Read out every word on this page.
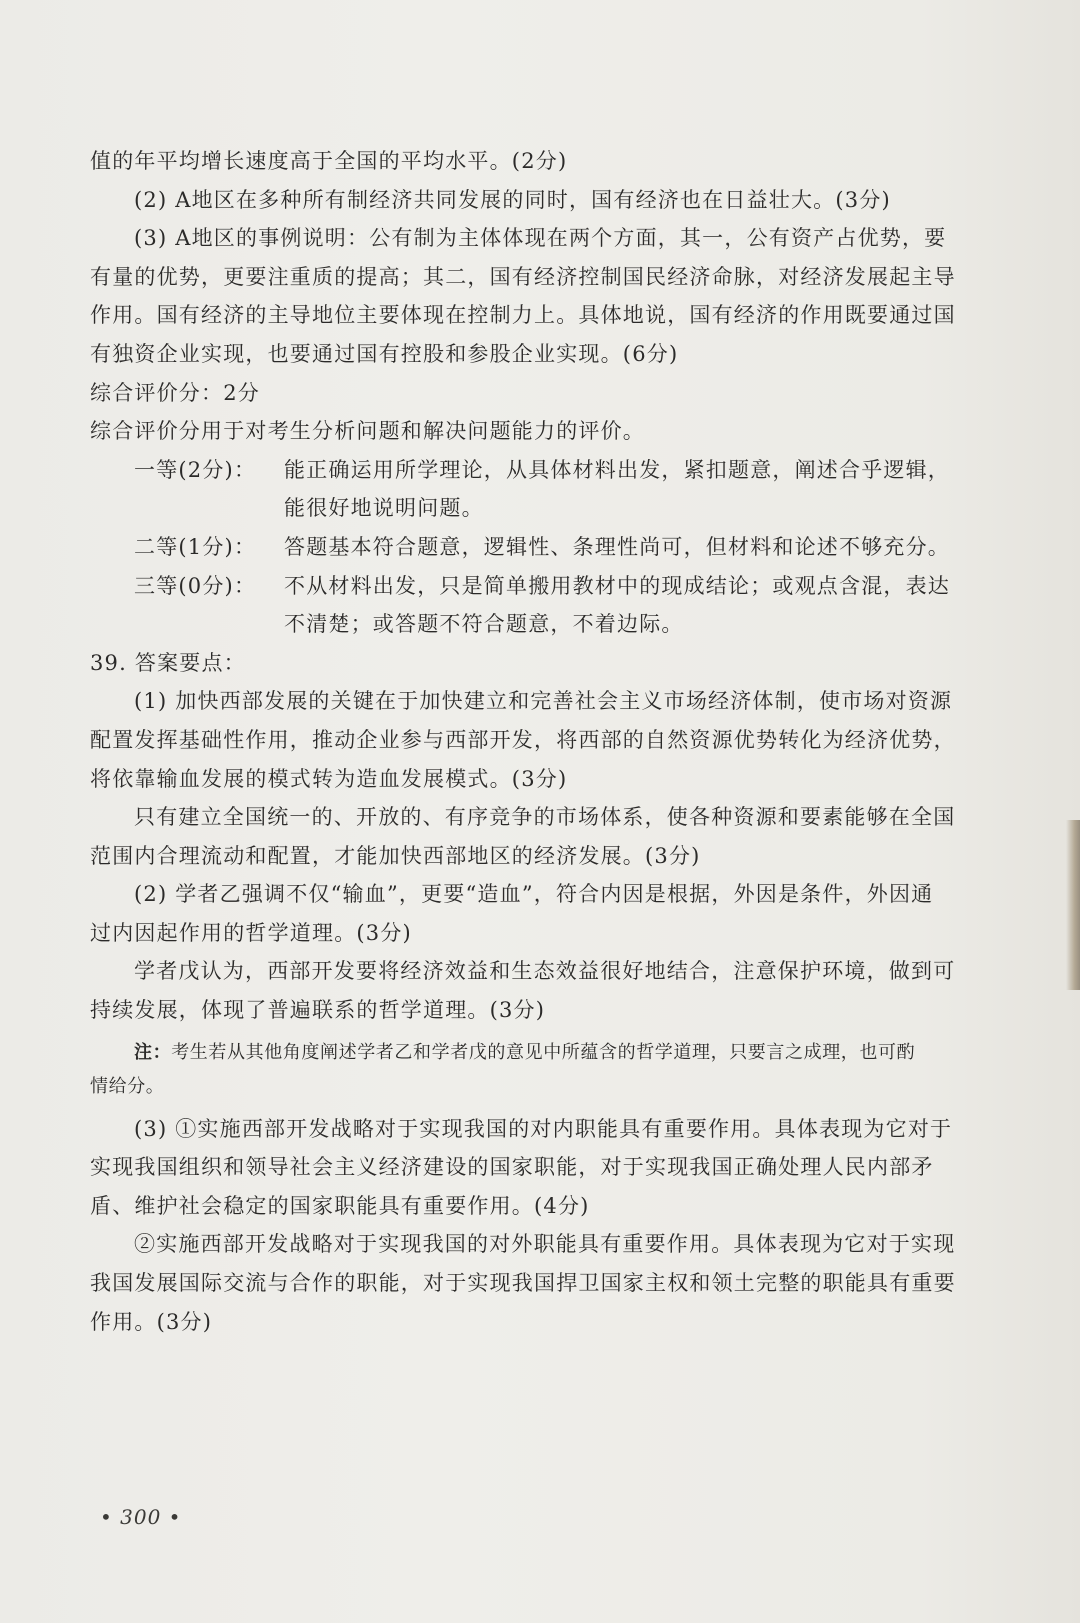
值的年平均增长速度高于全国的平均水平。(2分)
(2) A地区在多种所有制经济共同发展的同时，国有经济也在日益壮大。(3分)
(3) A地区的事例说明：公有制为主体体现在两个方面，其一，公有资产占优势，要
有量的优势，更要注重质的提高；其二，国有经济控制国民经济命脉，对经济发展起主导
作用。国有经济的主导地位主要体现在控制力上。具体地说，国有经济的作用既要通过国
有独资企业实现，也要通过国有控股和参股企业实现。(6分)
综合评价分：2分
综合评价分用于对考生分析问题和解决问题能力的评价。
一等(2分)：	能正确运用所学理论，从具体材料出发，紧扣题意，阐述合乎逻辑，
能很好地说明问题。
二等(1分)：	答题基本符合题意，逻辑性、条理性尚可，但材料和论述不够充分。
三等(0分)：	不从材料出发，只是简单搬用教材中的现成结论；或观点含混，表达
不清楚；或答题不符合题意，不着边际。
39. 答案要点：
(1) 加快西部发展的关键在于加快建立和完善社会主义市场经济体制，使市场对资源
配置发挥基础性作用，推动企业参与西部开发，将西部的自然资源优势转化为经济优势，
将依靠输血发展的模式转为造血发展模式。(3分)
只有建立全国统一的、开放的、有序竞争的市场体系，使各种资源和要素能够在全国
范围内合理流动和配置，才能加快西部地区的经济发展。(3分)
(2) 学者乙强调不仅“输血”，更要“造血”，符合内因是根据，外因是条件，外因通
过内因起作用的哲学道理。(3分)
学者戊认为，西部开发要将经济效益和生态效益很好地结合，注意保护环境，做到可
持续发展，体现了普遍联系的哲学道理。(3分)
注：考生若从其他角度阐述学者乙和学者戊的意见中所蕴含的哲学道理，只要言之成理，也可酌
情给分。
(3) ①实施西部开发战略对于实现我国的对内职能具有重要作用。具体表现为它对于
实现我国组织和领导社会主义经济建设的国家职能，对于实现我国正确处理人民内部矛
盾、维护社会稳定的国家职能具有重要作用。(4分)
②实施西部开发战略对于实现我国的对外职能具有重要作用。具体表现为它对于实现
我国发展国际交流与合作的职能，对于实现我国捍卫国家主权和领土完整的职能具有重要
作用。(3分)
• 300 •
